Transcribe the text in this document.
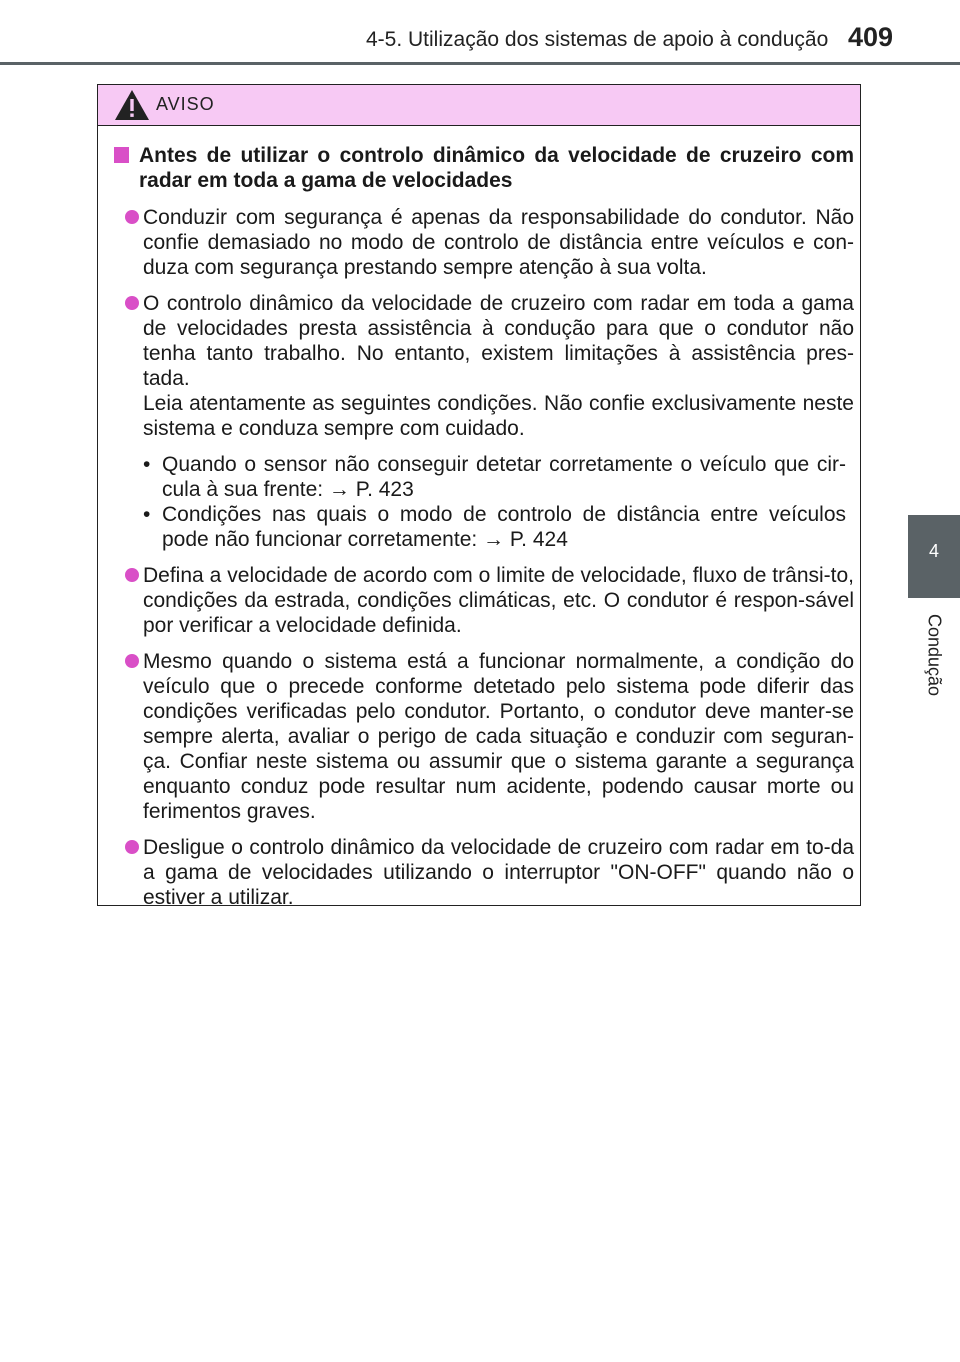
4-5. Utilização dos sistemas de apoio à condução 409
4
Condução
AVISO
Antes de utilizar o controlo dinâmico da velocidade de cruzeiro com radar em toda a gama de velocidades
Conduzir com segurança é apenas da responsabilidade do condutor. Não confie demasiado no modo de controlo de distância entre veículos e con-duza com segurança prestando sempre atenção à sua volta.
O controlo dinâmico da velocidade de cruzeiro com radar em toda a gama de velocidades presta assistência à condução para que o condutor não tenha tanto trabalho. No entanto, existem limitações à assistência pres-tada.
Leia atentamente as seguintes condições. Não confie exclusivamente neste sistema e conduza sempre com cuidado.
• Quando o sensor não conseguir detetar corretamente o veículo que cir-cula à sua frente: → P. 423
• Condições nas quais o modo de controlo de distância entre veículos pode não funcionar corretamente: → P. 424
Defina a velocidade de acordo com o limite de velocidade, fluxo de trânsi-to, condições da estrada, condições climáticas, etc. O condutor é respon-sável por verificar a velocidade definida.
Mesmo quando o sistema está a funcionar normalmente, a condição do veículo que o precede conforme detetado pelo sistema pode diferir das condições verificadas pelo condutor. Portanto, o condutor deve manter-se sempre alerta, avaliar o perigo de cada situação e conduzir com seguran-ça. Confiar neste sistema ou assumir que o sistema garante a segurança enquanto conduz pode resultar num acidente, podendo causar morte ou ferimentos graves.
Desligue o controlo dinâmico da velocidade de cruzeiro com radar em to-da a gama de velocidades utilizando o interruptor "ON-OFF" quando não o estiver a utilizar.
